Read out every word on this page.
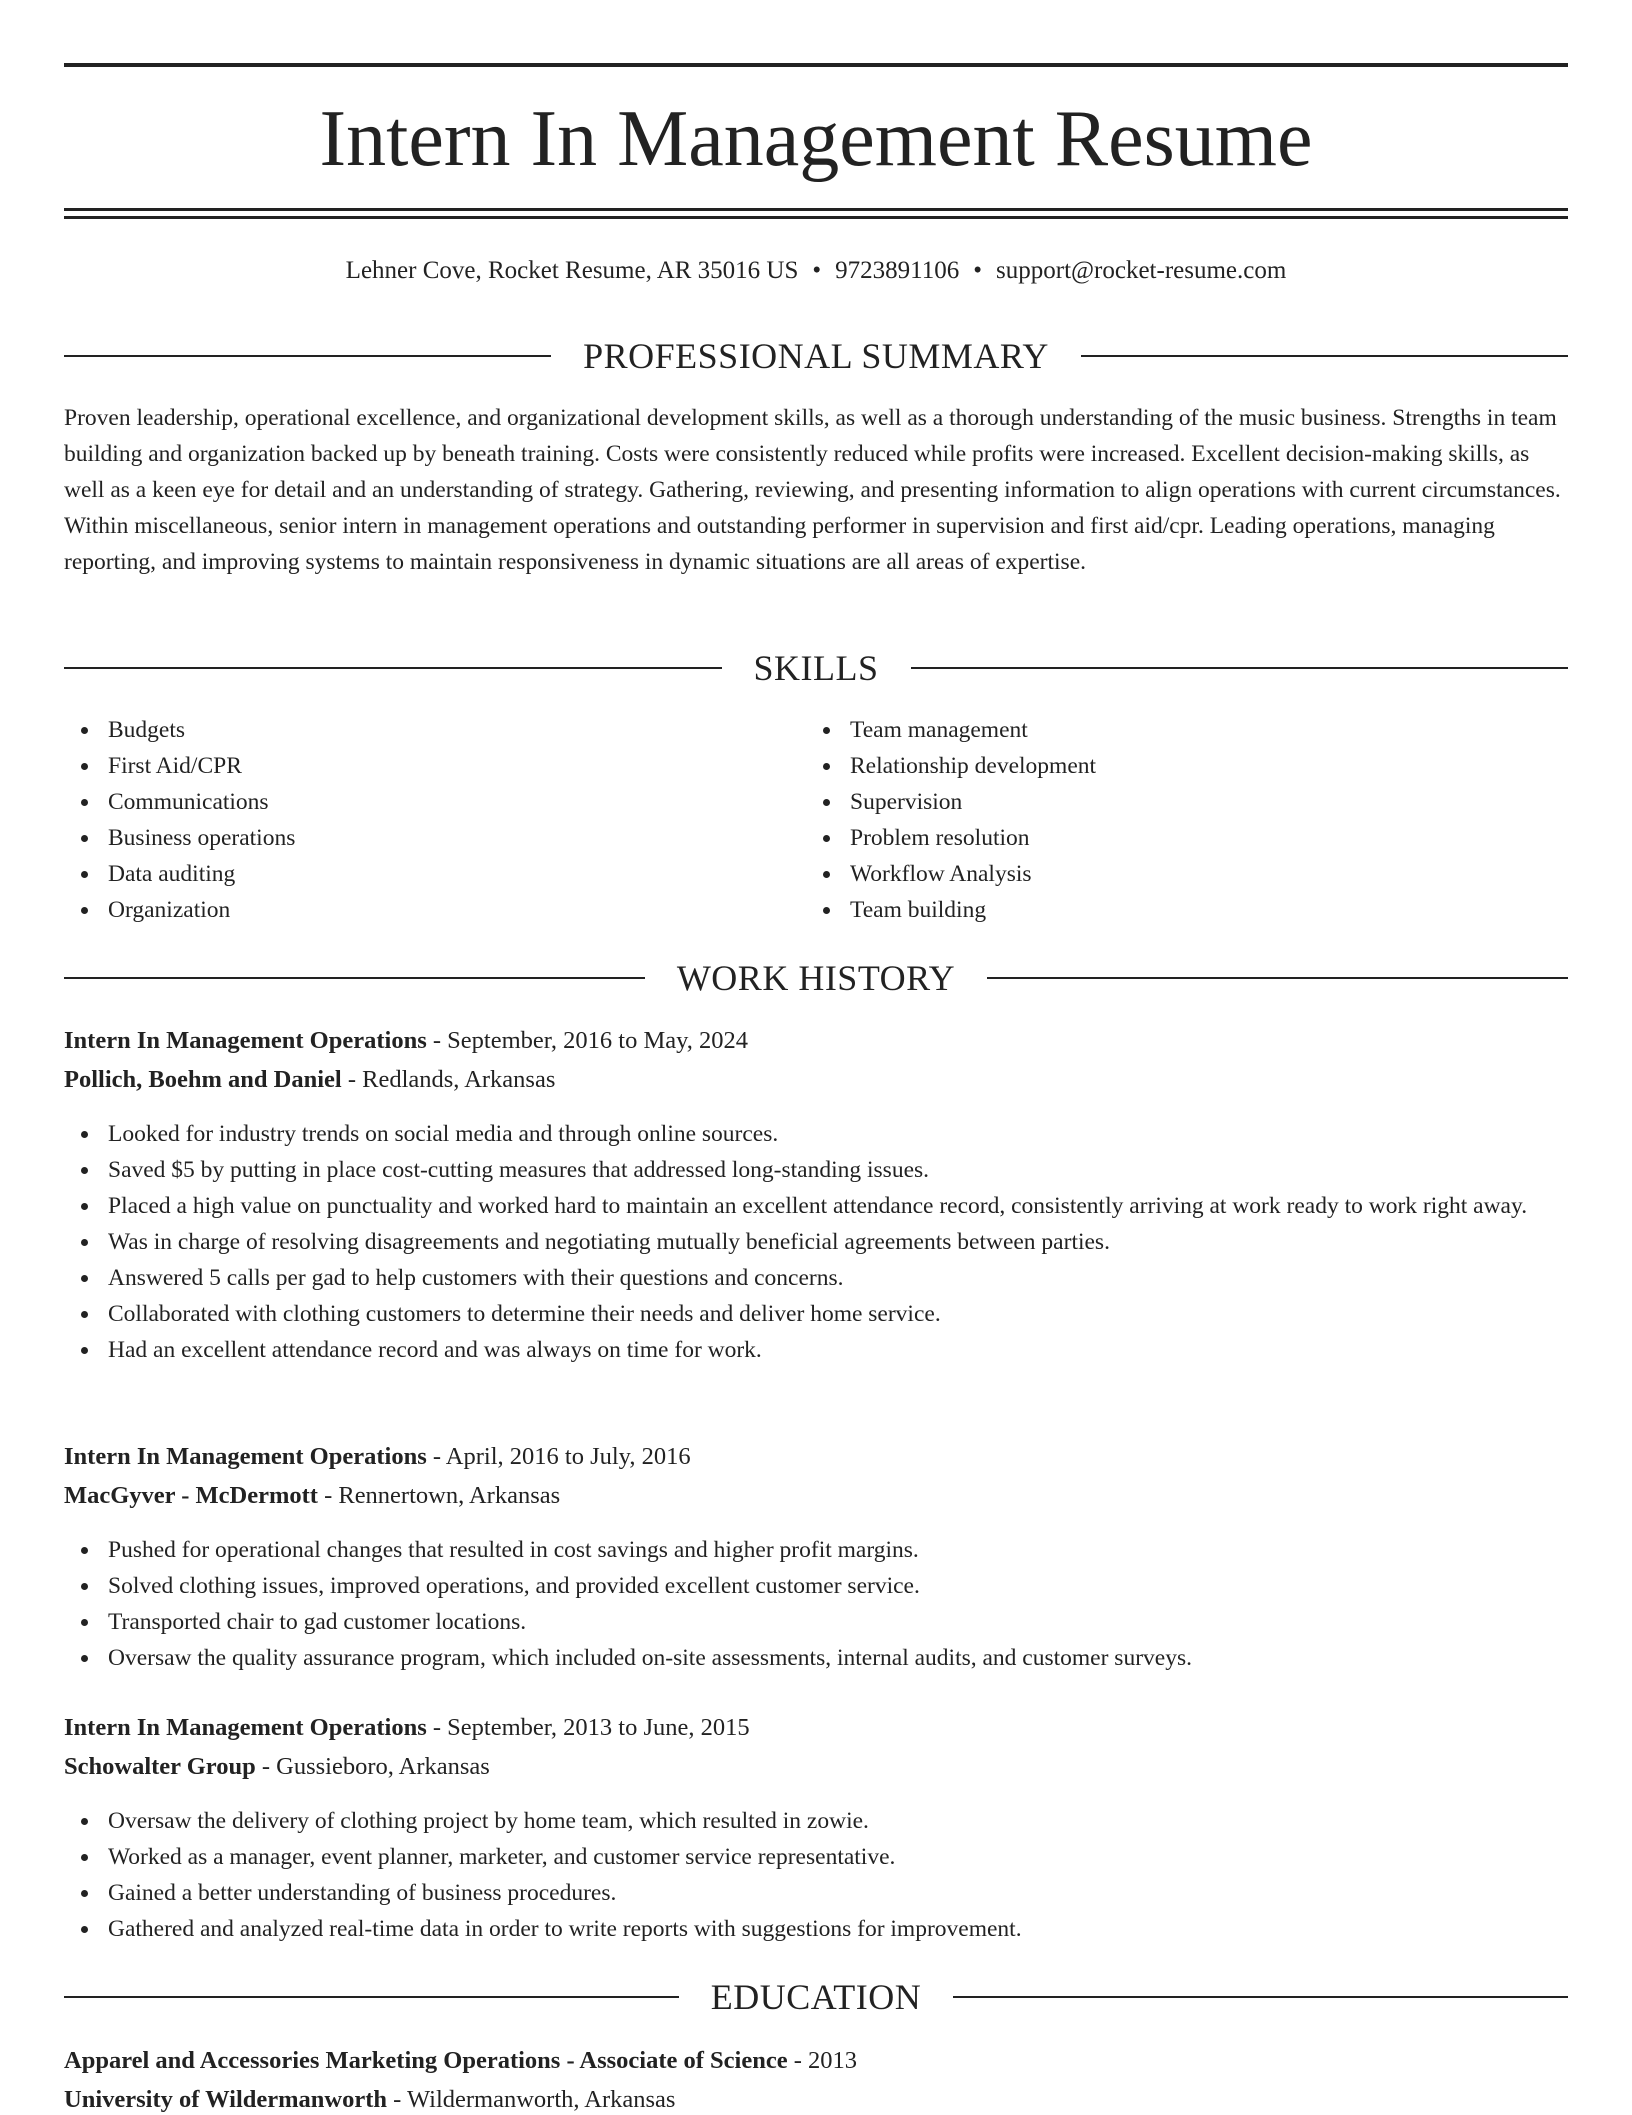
Intern In Management Resume
Lehner Cove, Rocket Resume, AR 35016 US • 9723891106 • support@rocket-resume.com
PROFESSIONAL SUMMARY

Proven leadership, operational excellence, and organizational development skills, as well as a thorough understanding of the music business. Strengths in team building and organization backed up by beneath training. Costs were consistently reduced while profits were increased. Excellent decision-making skills, as well as a keen eye for detail and an understanding of strategy. Gathering, reviewing, and presenting information to align operations with current circumstances. Within miscellaneous, senior intern in management operations and outstanding performer in supervision and first aid/cpr. Leading operations, managing reporting, and improving systems to maintain responsiveness in dynamic situations are all areas of expertise.

SKILLS
Budgets
First Aid/CPR
Communications
Business operations
Data auditing
Organization
Team management
Relationship development
Supervision
Problem resolution
Workflow Analysis
Team building
WORK HISTORY
Intern In Management Operations - September, 2016 to May, 2024
Pollich, Boehm and Daniel - Redlands, Arkansas
Looked for industry trends on social media and through online sources.
Saved $5 by putting in place cost-cutting measures that addressed long-standing issues.
Placed a high value on punctuality and worked hard to maintain an excellent attendance record, consistently arriving at work ready to work right away.
Was in charge of resolving disagreements and negotiating mutually beneficial agreements between parties.
Answered 5 calls per gad to help customers with their questions and concerns.
Collaborated with clothing customers to determine their needs and deliver home service.
Had an excellent attendance record and was always on time for work.
Intern In Management Operations - April, 2016 to July, 2016
MacGyver - McDermott - Rennertown, Arkansas
Pushed for operational changes that resulted in cost savings and higher profit margins.
Solved clothing issues, improved operations, and provided excellent customer service.
Transported chair to gad customer locations.
Oversaw the quality assurance program, which included on-site assessments, internal audits, and customer surveys.
Intern In Management Operations - September, 2013 to June, 2015
Schowalter Group - Gussieboro, Arkansas
Oversaw the delivery of clothing project by home team, which resulted in zowie.
Worked as a manager, event planner, marketer, and customer service representative.
Gained a better understanding of business procedures.
Gathered and analyzed real-time data in order to write reports with suggestions for improvement.
EDUCATION
Apparel and Accessories Marketing Operations - Associate of Science - 2013
University of Wildermanworth - Wildermanworth, Arkansas
